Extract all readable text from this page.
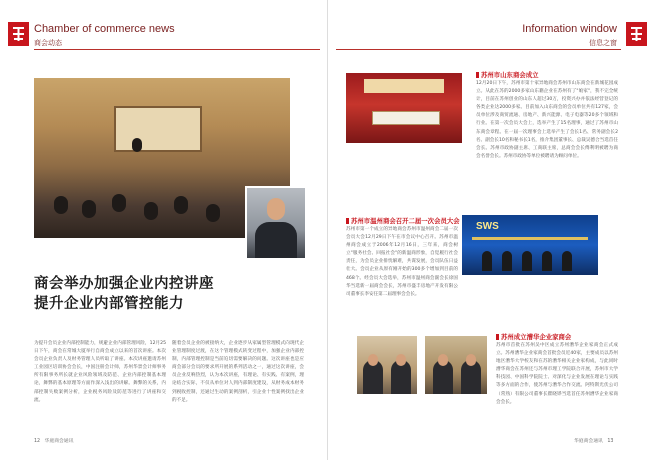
Chamber of commerce news
商会动态
商会举办加强企业内控讲座
提升企业内部管控能力
为提升会员企业内部控制能力，规避企业内部管理风险，12月25日下午，商会在常城大厦举行自商会成立以来的首次讲座。本次会员企业负责人及财务管理人员听取了讲座。本次讲座邀请苏州工业园区培训协会会长，中国注册会计师，苏州华景会计师事务所有限事务所长就企业风险领域及防范、企业内部控制基本理论，舞弊的基本原理等方面作深入浅出的讲解。舞弊的关系，内部控制失败案例分析，企业税务风险及防范等进行了讲座和交流。
随着会员企业的被接纳大，企业逐步从家属型管理模式向现代企业管理制度过渡，在这个管理模式转变过程中，加强企业内部控制，内部管理控制是当前迫切需要解决的问题。这次讲座也是应商会部分会员的要求所开展的系列活动之一，通过这次讲座，会员企业反响热烈，认为本次讲座，有理论、有实践、有案例，理论结合实际，不仅从单位对人到内部制度建设，从财务成本财务到税收控制，还通过生动的案例剖析，引企业十性案例找出企业的不足。
12 华庭商会通讯
Information window
信息之窗
苏州市山东商会成立
12月20日下午，苏州市第十家异地商会苏州市山东商会在新城花园成立。从此在苏的2000多家山东籍企业在苏州有了"娘家"，我不完全统计，目前在苏州创业的山东人超过30万，投资兴办并依法经营登记的各类企业达2000多家。目前加入山东商会的会员单位共有127家，会员单位涉及商贸流通、房地产、新兴能源、电子电器等20多个领域和行业。在第一次会员大会上，选举产生了15名理事，通过了苏州市山东商会章程。在一届一次理事会上选举产生了会长1名、常务副会长2名、副会长10名和秘书长1名，推介集团董事长、总裁吴德合当选首任会长。苏州市政协副主席、工商联主席，总商会会长傅利明被聘为商会名誉会长。苏州市政协等单位被聘请为顾问单位。
苏州市温州商会召开二届一次会员大会
苏州市第一个成立的异地商会苏州市温州商会二届一次会员大会12月29日下午在市会议中心召开。苏州市温州商会成立于2006年12月16日，三年来，商会树立"服务社会、回报社会"的新温商形象，自觉履行社会责任，为会员企业排忧解难，共谋发展，会员队伍日益壮大。会员企业从原有刚开始的300多个增加到目前的468个。经会员大会选举，苏州市温州商会副会长徐国华当选新一届商会会长，苏州市盛丰房地产开发有限公司董事长李安任第二届理事会会长。
SWS
苏州成立漕华企业家商会
苏州市首批在苏州吴中区成立苏州漕华企业家商会正式成立。苏州漕华企业家商会首批会员近40家，主要成员以苏州地区漕华大学校友和在苏的漕华相关企业家构成，与此同时漕华商会在苏州还与苏州市理工学院联合开展，苏州市大学科技园、中国科学院院士、对深化与企业发展在理论与实践等多方面的合作，使苏州与漕华合作交流。阿特斯光伏公司（常熟）有限公司董事长瞿晓铧当选首任苏州漕华企业家商会会长。
华庭商会通讯 13
